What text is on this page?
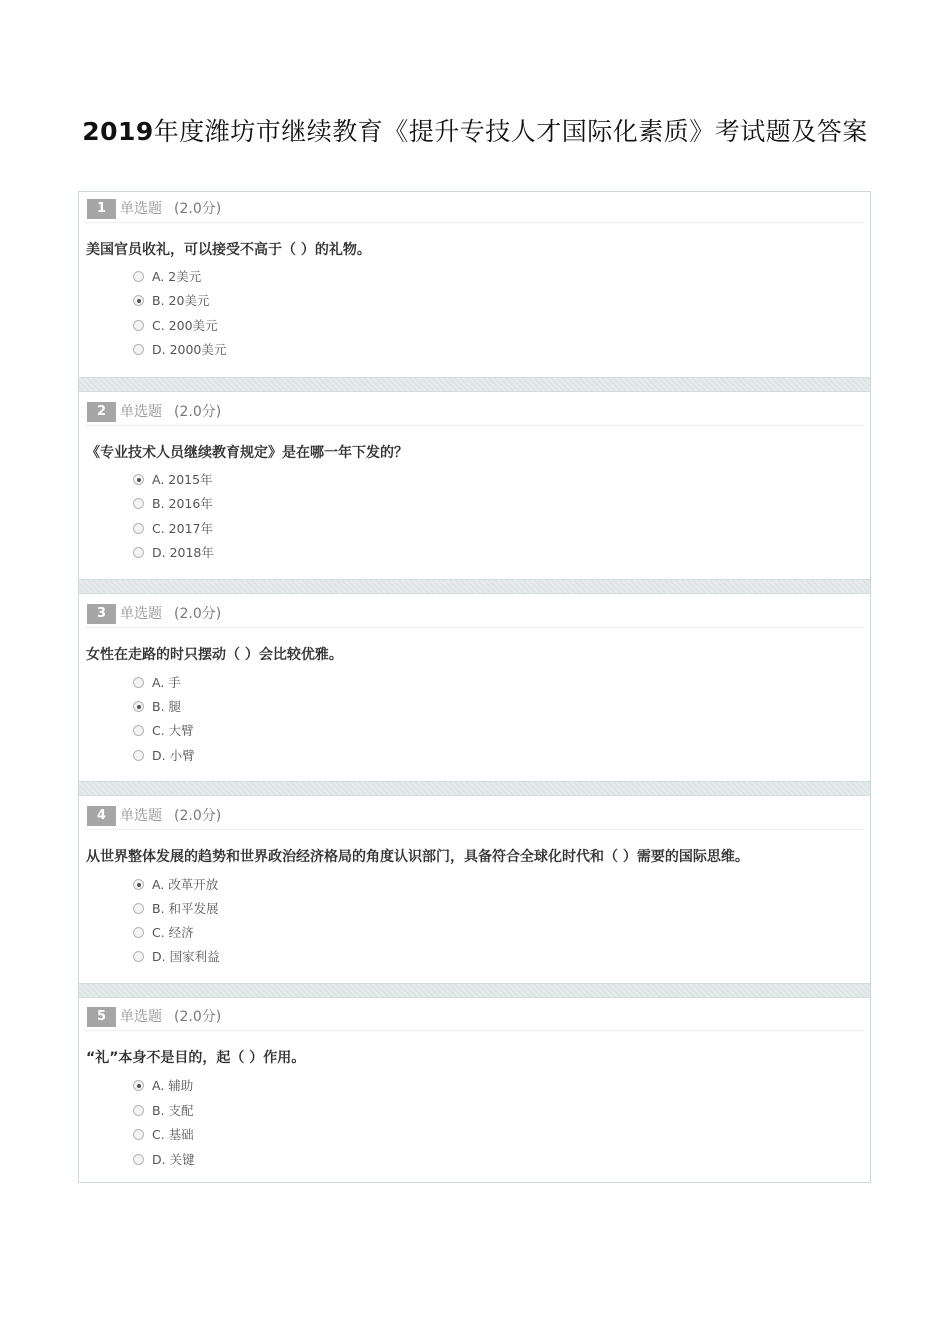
2019年度潍坊市继续教育《提升专技人才国际化素质》考试题及答案
1 单选题 (2.0分)
美国官员收礼，可以接受不高于（ ）的礼物。
A. 2美元
B. 20美元
C. 200美元
D. 2000美元
2 单选题 (2.0分)
《专业技术人员继续教育规定》是在哪一年下发的？
A. 2015年
B. 2016年
C. 2017年
D. 2018年
3 单选题 (2.0分)
女性在走路的时只摆动（ ）会比较优雅。
A. 手
B. 腿
C. 大臂
D. 小臂
4 单选题 (2.0分)
从世界整体发展的趋势和世界政治经济格局的角度认识部门，具备符合全球化时代和（ ）需要的国际思维。
A. 改革开放
B. 和平发展
C. 经济
D. 国家利益
5 单选题 (2.0分)
“礼”本身不是目的，起（ ）作用。
A. 辅助
B. 支配
C. 基础
D. 关键
